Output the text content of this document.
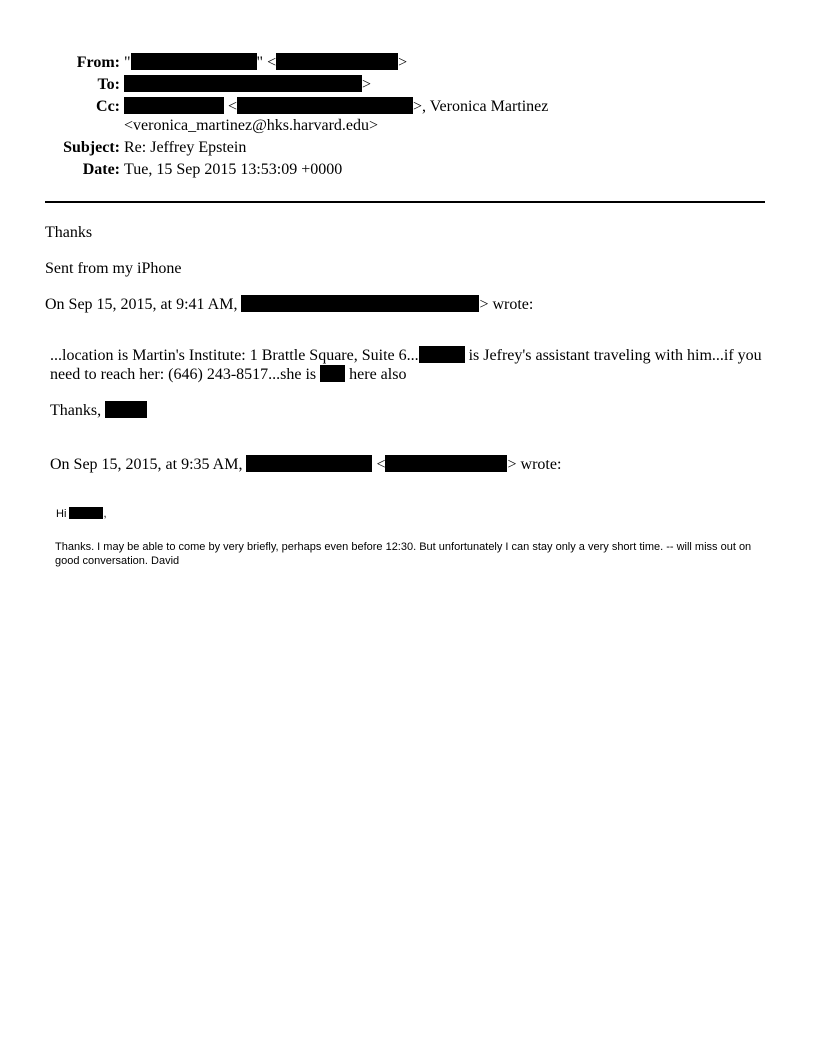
From: "	" <	>
To:	>
Cc:	<	>, Veronica Martinez
<veronica_martinez@hks.harvard.edu>
Subject: Re: Jeffrey Epstein
Date: Tue, 15 Sep 2015 13:53:09 +0000
Thanks
Sent from my iPhone
On Sep 15, 2015, at 9:41 AM,	> wrote:
...location is Martin's Institute: 1 Brattle Square, Suite 6...	is Jefrey's assistant traveling with him...if you need to reach her: (646) 243-8517...she is  here also
Thanks,
On Sep 15, 2015, at 9:35 AM,	<	> wrote:
Hi	,
Thanks. I may be able to come by very briefly, perhaps even before 12:30. But unfortunately I can stay only a very short time. -- will miss out on good conversation. David
